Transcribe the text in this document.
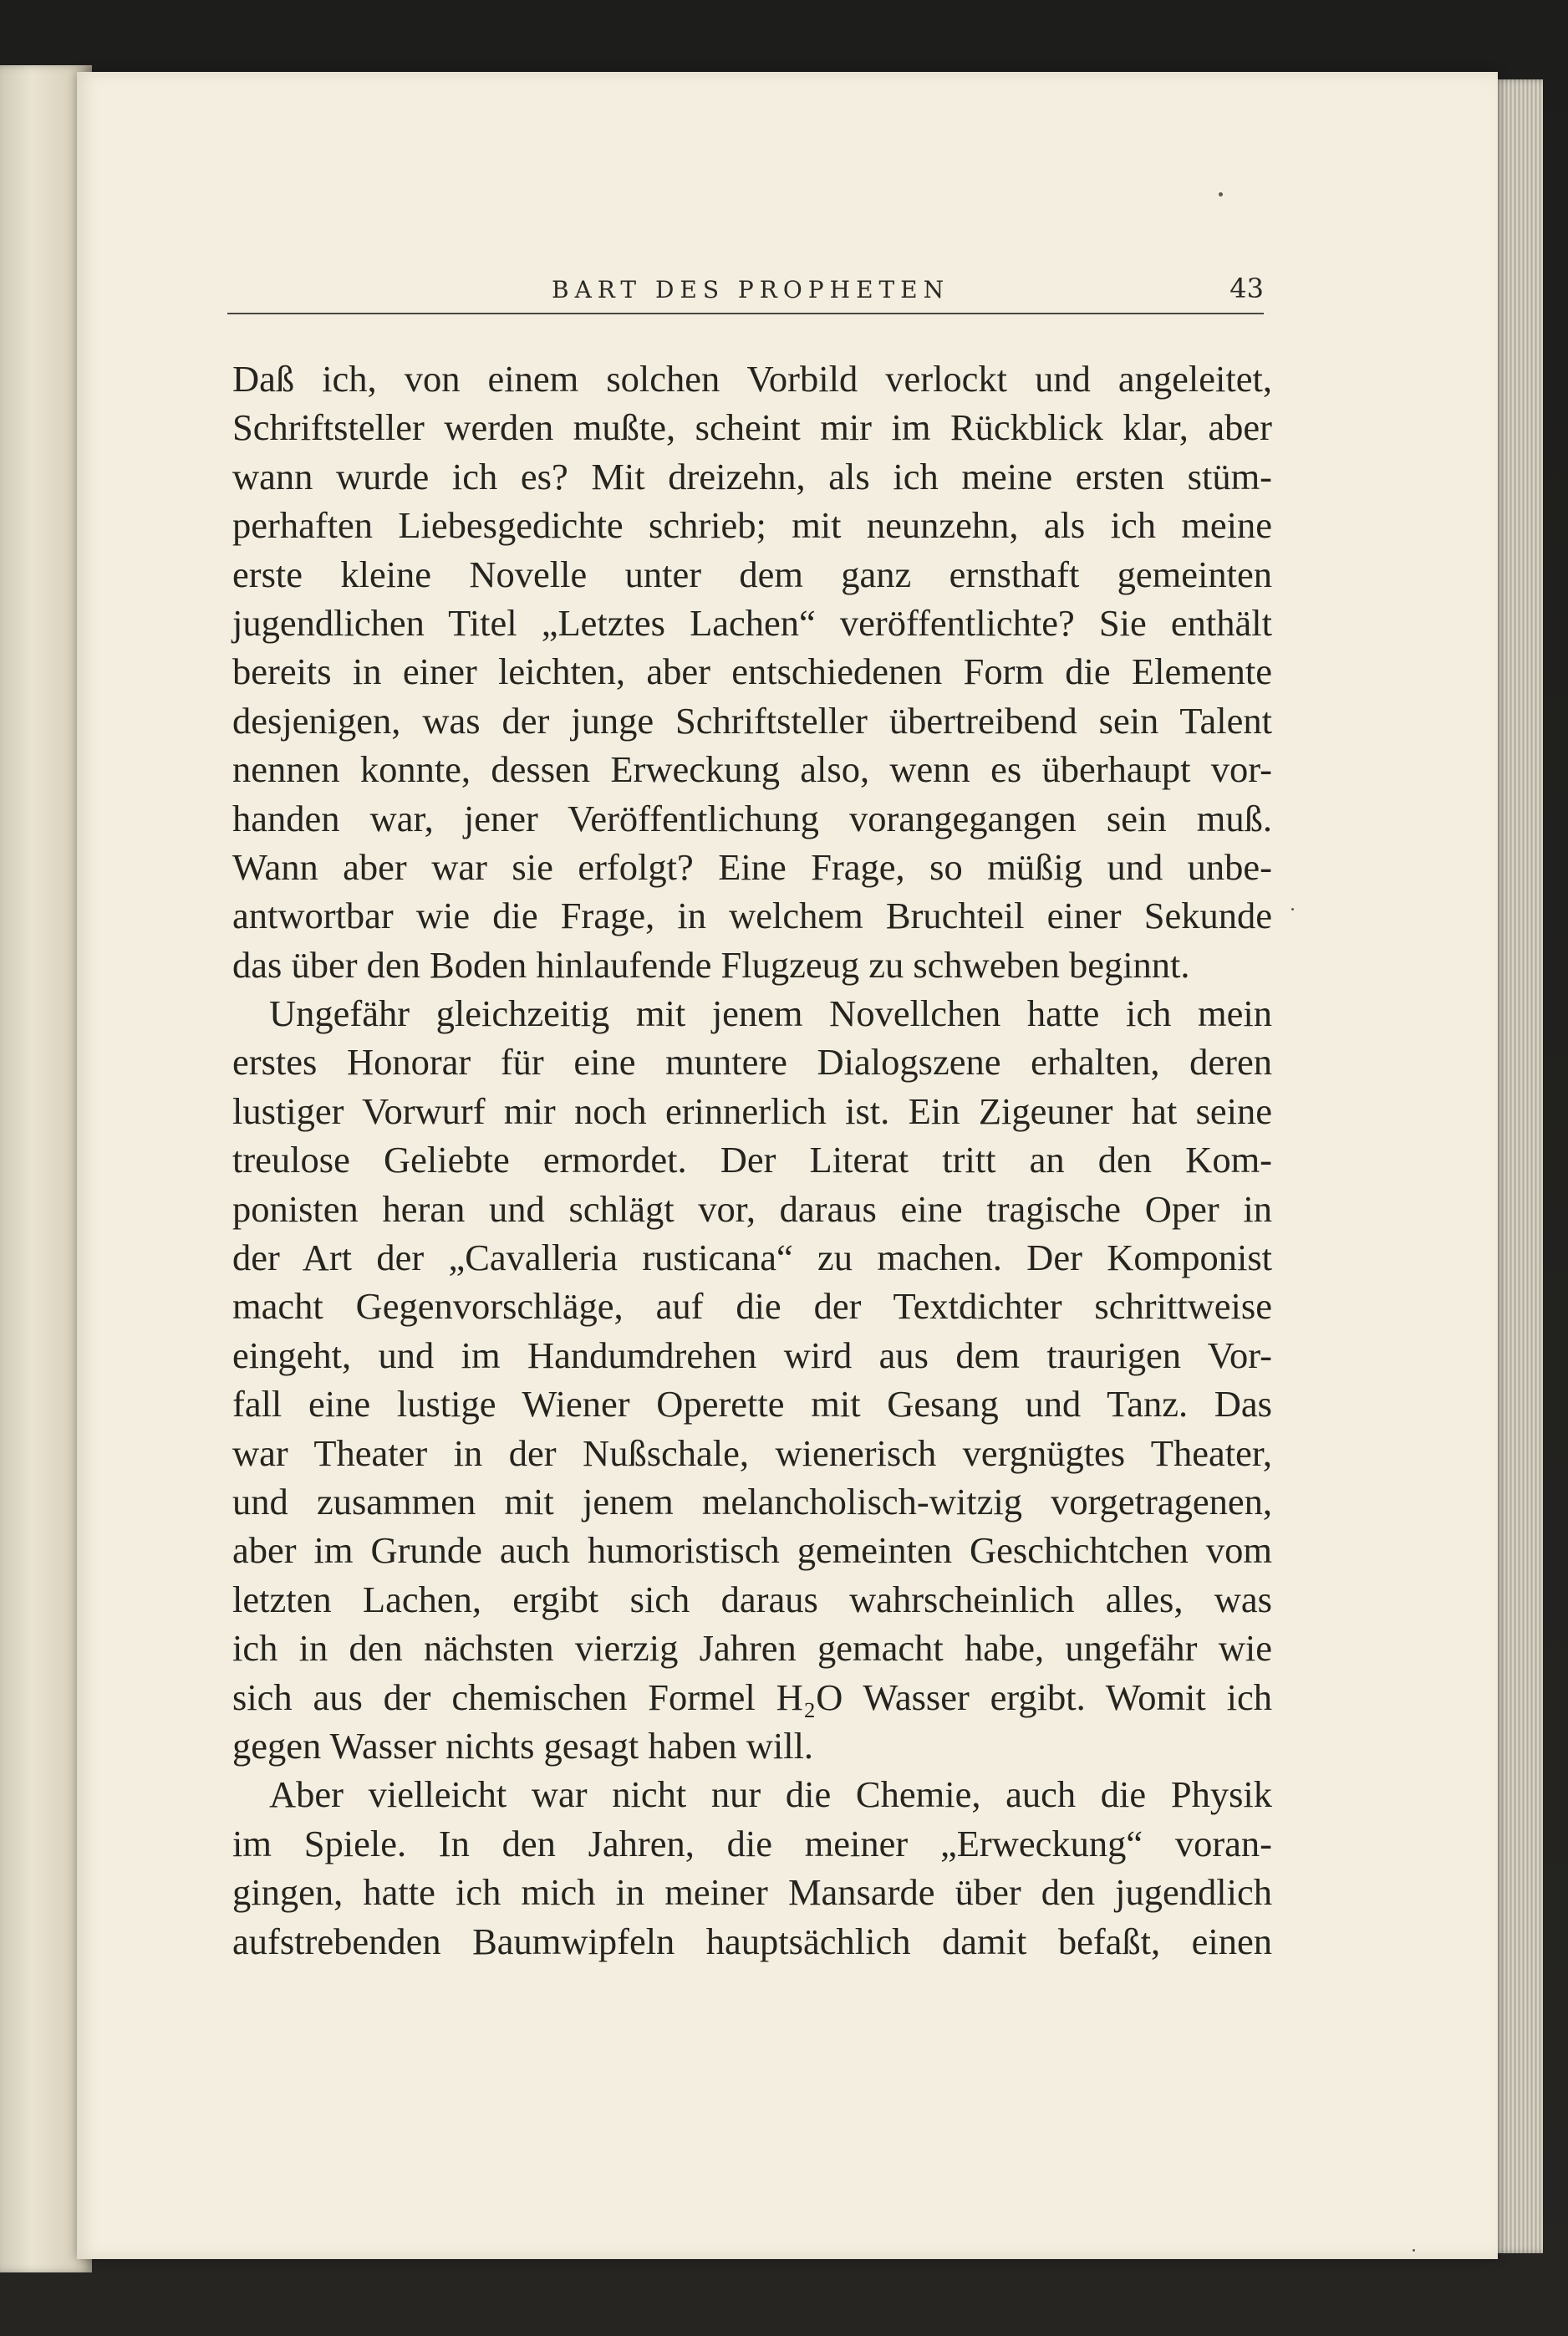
BART DES PROPHETEN	43
Daß ich, von einem solchen Vorbild verlockt und angeleitet,
Schriftsteller werden mußte, scheint mir im Rückblick klar, aber
wann wurde ich es? Mit dreizehn, als ich meine ersten stüm-
perhaften Liebesgedichte schrieb; mit neunzehn, als ich meine
erste kleine Novelle unter dem ganz ernsthaft gemeinten
jugendlichen Titel „Letztes Lachen“ veröffentlichte? Sie enthält
bereits in einer leichten, aber entschiedenen Form die Elemente
desjenigen, was der junge Schriftsteller übertreibend sein Talent
nennen konnte, dessen Erweckung also, wenn es überhaupt vor-
handen war, jener Veröffentlichung vorangegangen sein muß.
Wann aber war sie erfolgt? Eine Frage, so müßig und unbe-
antwortbar wie die Frage, in welchem Bruchteil einer Sekunde
das über den Boden hinlaufende Flugzeug zu schweben beginnt.
Ungefähr gleichzeitig mit jenem Novellchen hatte ich mein
erstes Honorar für eine muntere Dialogszene erhalten, deren
lustiger Vorwurf mir noch erinnerlich ist. Ein Zigeuner hat seine
treulose Geliebte ermordet. Der Literat tritt an den Kom-
ponisten heran und schlägt vor, daraus eine tragische Oper in
der Art der „Cavalleria rusticana“ zu machen. Der Komponist
macht Gegenvorschläge, auf die der Textdichter schrittweise
eingeht, und im Handumdrehen wird aus dem traurigen Vor-
fall eine lustige Wiener Operette mit Gesang und Tanz. Das
war Theater in der Nußschale, wienerisch vergnügtes Theater,
und zusammen mit jenem melancholisch-witzig vorgetragenen,
aber im Grunde auch humoristisch gemeinten Geschichtchen vom
letzten Lachen, ergibt sich daraus wahrscheinlich alles, was
ich in den nächsten vierzig Jahren gemacht habe, ungefähr wie
sich aus der chemischen Formel H₂O Wasser ergibt. Womit ich
gegen Wasser nichts gesagt haben will.
Aber vielleicht war nicht nur die Chemie, auch die Physik
im Spiele. In den Jahren, die meiner „Erweckung“ voran-
gingen, hatte ich mich in meiner Mansarde über den jugendlich
aufstrebenden Baumwipfeln hauptsächlich damit befaßt, einen
